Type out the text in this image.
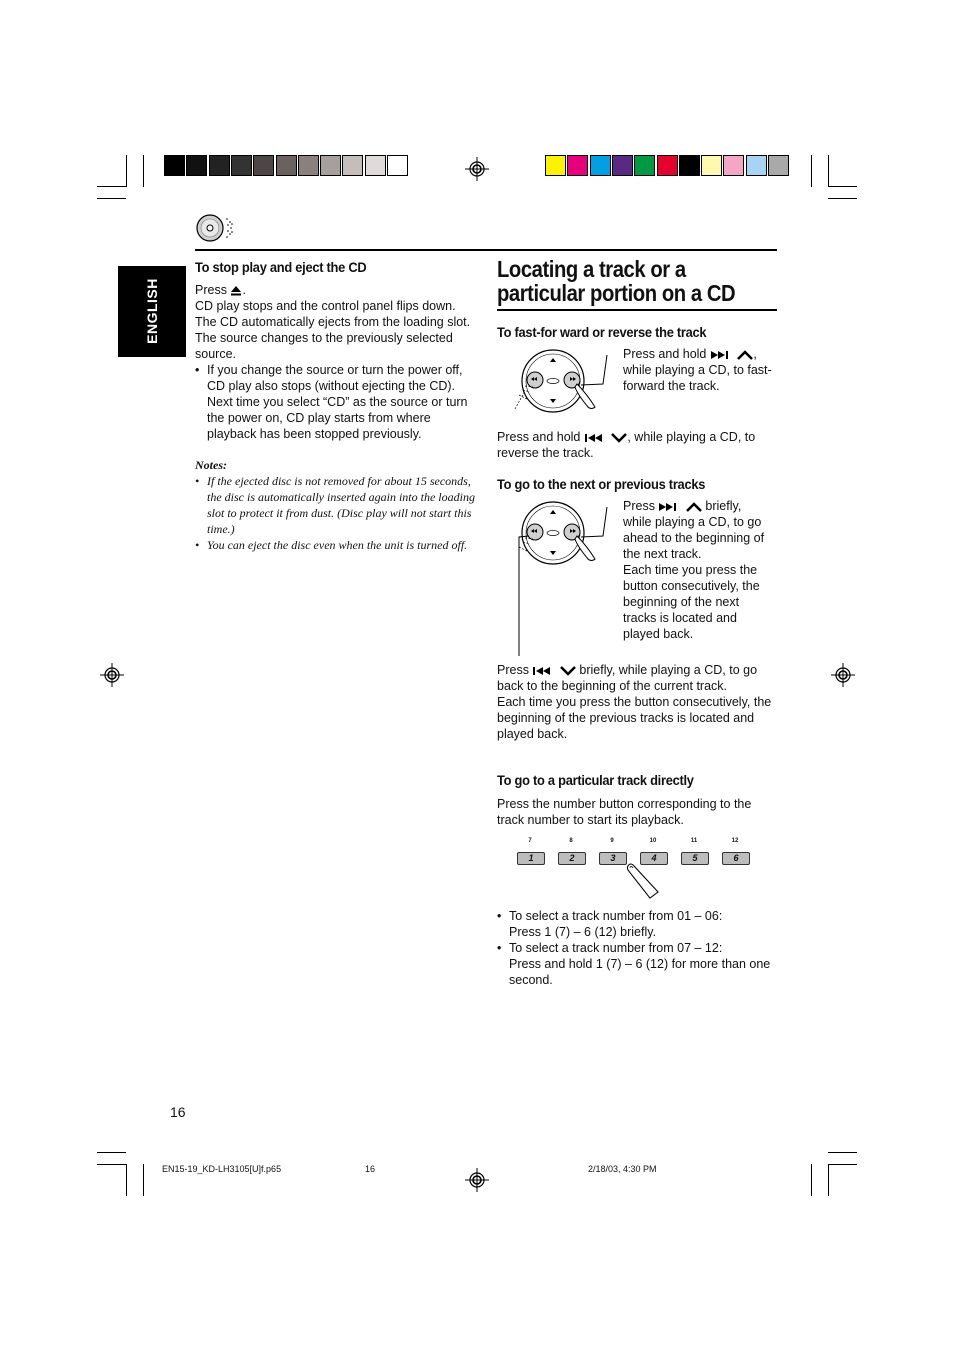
ENGLISH
To stop play and eject the CD
Press .
CD play stops and the control panel flips down. The CD automatically ejects from the loading slot. The source changes to the previously selected source.
• If you change the source or turn the power off, CD play also stops (without ejecting the CD). Next time you select “CD” as the source or turn the power on, CD play starts from where playback has been stopped previously.
Notes:
• If the ejected disc is not removed for about 15 seconds, the disc is automatically inserted again into the loading slot to protect it from dust. (Disc play will not start this time.)
• You can eject the disc even when the unit is turned off.
Locating a track or a
particular portion on a CD
To fast-for ward or reverse the track
Press and hold	, while playing a CD, to fast-forward the track.
Press and hold	, while playing a CD, to reverse the track.
To go to the next or previous tracks
Press	briefly, while playing a CD, to go ahead to the beginning of the next track.
Each time you press the button consecutively, the beginning of the next tracks is located and played back.
Press	briefly, while playing a CD, to go back to the beginning of the current track.
Each time you press the button consecutively, the beginning of the previous tracks is located and played back.
To go to a particular track directly
Press the number button corresponding to the track number to start its playback.
7
1
8
2
9
3
10
4
11
5
12
6
• To select a track number from 01 – 06:
Press 1 (7) – 6 (12) briefly.
• To select a track number from 07 – 12:
Press and hold 1 (7) – 6 (12) for more than one second.
16
EN15-19_KD-LH3105[U]f.p65	16	2/18/03, 4:30 PM
